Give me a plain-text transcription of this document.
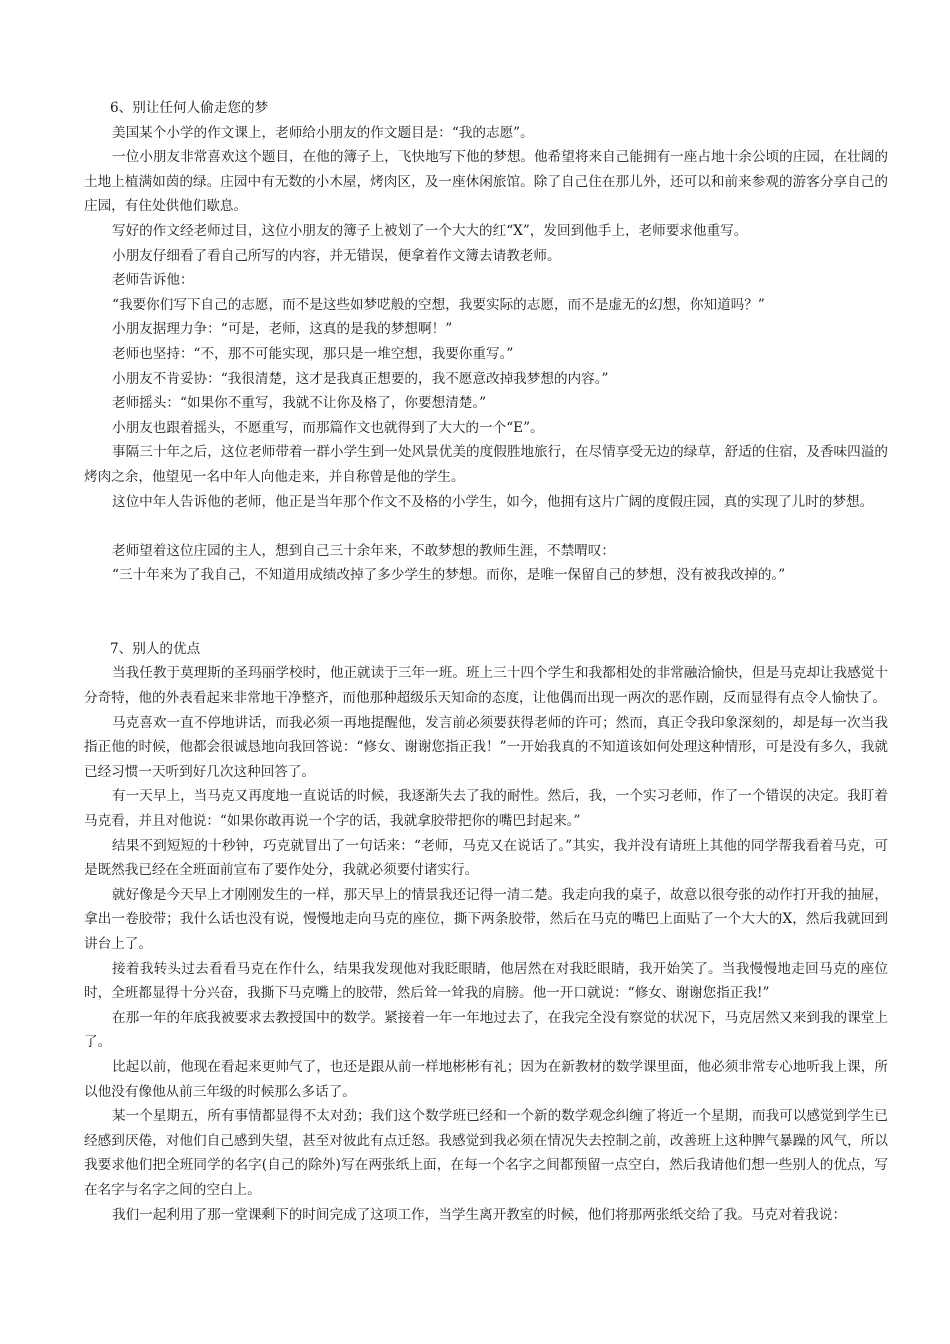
6、别让任何人偷走您的梦

美国某个小学的作文课上，老师给小朋友的作文题目是：“我的志愿”。

一位小朋友非常喜欢这个题目，在他的簿子上，飞快地写下他的梦想。他希望将来自己能拥有一座占地十余公顷的庄园，在壮阔的土地上植满如茵的绿。庄园中有无数的小木屋，烤肉区，及一座休闲旅馆。除了自己住在那儿外，还可以和前来参观的游客分享自己的庄园，有住处供他们歇息。

写好的作文经老师过目，这位小朋友的簿子上被划了一个大大的红“X”，发回到他手上，老师要求他重写。

小朋友仔细看了看自己所写的内容，并无错误，便拿着作文簿去请教老师。

老师告诉他：

“我要你们写下自己的志愿，而不是这些如梦呓般的空想，我要实际的志愿，而不是虚无的幻想，你知道吗？”

小朋友据理力争：“可是，老师，这真的是我的梦想啊！”

老师也坚持：“不，那不可能实现，那只是一堆空想，我要你重写。”

小朋友不肯妥协：“我很清楚，这才是我真正想要的，我不愿意改掉我梦想的内容。”

老师摇头：“如果你不重写，我就不让你及格了，你要想清楚。”

小朋友也跟着摇头，不愿重写，而那篇作文也就得到了大大的一个“E”。

事隔三十年之后，这位老师带着一群小学生到一处风景优美的度假胜地旅行，在尽情享受无边的绿草，舒适的住宿，及香味四溢的烤肉之余，他望见一名中年人向他走来，并自称曾是他的学生。

这位中年人告诉他的老师，他正是当年那个作文不及格的小学生，如今，他拥有这片广阔的度假庄园，真的实现了儿时的梦想。

老师望着这位庄园的主人，想到自己三十余年来，不敢梦想的教师生涯，不禁喟叹：

“三十年来为了我自己，不知道用成绩改掉了多少学生的梦想。而你，是唯一保留自己的梦想，没有被我改掉的。”

7、别人的优点

当我任教于莫理斯的圣玛丽学校时，他正就读于三年一班。班上三十四个学生和我都相处的非常融洽愉快，但是马克却让我感觉十分奇特，他的外表看起来非常地干净整齐，而他那种超级乐天知命的态度，让他偶而出现一两次的恶作剧，反而显得有点令人愉快了。

马克喜欢一直不停地讲话，而我必须一再地提醒他，发言前必须要获得老师的许可；然而，真正令我印象深刻的，却是每一次当我指正他的时候，他都会很诚恳地向我回答说：“修女、谢谢您指正我！”一开始我真的不知道该如何处理这种情形，可是没有多久，我就已经习惯一天听到好几次这种回答了。

有一天早上，当马克又再度地一直说话的时候，我逐渐失去了我的耐性。然后，我，一个实习老师，作了一个错误的决定。我盯着马克看，并且对他说：“如果你敢再说一个字的话，我就拿胶带把你的嘴巴封起来。”

结果不到短短的十秒钟，巧克就冒出了一句话来：“老师，马克又在说话了。”其实，我并没有请班上其他的同学帮我看着马克，可是既然我已经在全班面前宣布了要作处分，我就必须要付诸实行。

就好像是今天早上才刚刚发生的一样，那天早上的情景我还记得一清二楚。我走向我的桌子，故意以很夸张的动作打开我的抽屉，拿出一卷胶带；我什么话也没有说，慢慢地走向马克的座位，撕下两条胶带，然后在马克的嘴巴上面贴了一个大大的X，然后我就回到讲台上了。

接着我转头过去看看马克在作什么，结果我发现他对我眨眼睛，他居然在对我眨眼睛，我开始笑了。当我慢慢地走回马克的座位时，全班都显得十分兴奋，我撕下马克嘴上的胶带，然后耸一耸我的肩膀。他一开口就说：“修女、谢谢您指正我!”

在那一年的年底我被要求去教授国中的数学。紧接着一年一年地过去了，在我完全没有察觉的状况下，马克居然又来到我的课堂上了。

比起以前，他现在看起来更帅气了，也还是跟从前一样地彬彬有礼；因为在新教材的数学课里面，他必须非常专心地听我上课，所以他没有像他从前三年级的时候那么多话了。

某一个星期五，所有事情都显得不太对劲；我们这个数学班已经和一个新的数学观念纠缠了将近一个星期，而我可以感觉到学生已经感到厌倦，对他们自己感到失望，甚至对彼此有点迁怒。我感觉到我必须在情况失去控制之前，改善班上这种脾气暴躁的风气，所以我要求他们把全班同学的名字(自己的除外)写在两张纸上面，在每一个名字之间都预留一点空白，然后我请他们想一些别人的优点，写在名字与名字之间的空白上。

我们一起利用了那一堂课剩下的时间完成了这项工作，当学生离开教室的时候，他们将那两张纸交给了我。马克对着我说：
